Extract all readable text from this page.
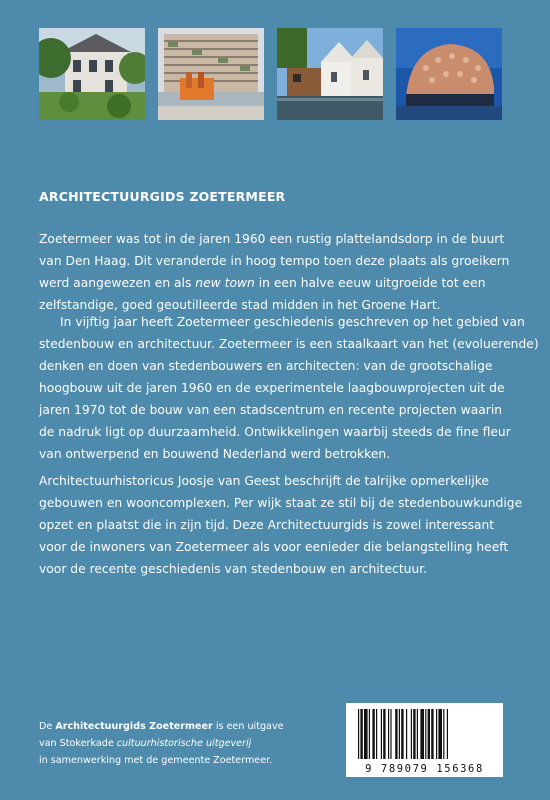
ARCHITECTUURGIDS ZOETERMEER
Zoetermeer was tot in de jaren 1960 een rustig plattelandsdorp in de buurt
van Den Haag. Dit veranderde in hoog tempo toen deze plaats als groeikern
werd aangewezen en als new town in een halve eeuw uitgroeide tot een
zelfstandige, goed geoutilleerde stad midden in het Groene Hart.
In vijftig jaar heeft Zoetermeer geschiedenis geschreven op het gebied van
stedenbouw en architectuur. Zoetermeer is een staalkaart van het (evoluerende)
denken en doen van stedenbouwers en architecten: van de grootschalige
hoogbouw uit de jaren 1960 en de experimentele laagbouwprojecten uit de
jaren 1970 tot de bouw van een stadscentrum en recente projecten waarin
de nadruk ligt op duurzaamheid. Ontwikkelingen waarbij steeds de fine fleur
van ontwerpend en bouwend Nederland werd betrokken.
Architectuurhistoricus Joosje van Geest beschrijft de talrijke opmerkelijke
gebouwen en wooncomplexen. Per wijk staat ze stil bij de stedenbouwkundige
opzet en plaatst die in zijn tijd. Deze Architectuurgids is zowel interessant
voor de inwoners van Zoetermeer als voor eenieder die belangstelling heeft
voor de recente geschiedenis van stedenbouw en architectuur.
De Architectuurgids Zoetermeer is een uitgave
van Stokerkade cultuurhistorische uitgeverij
in samenwerking met de gemeente Zoetermeer.
9 789079 156368
